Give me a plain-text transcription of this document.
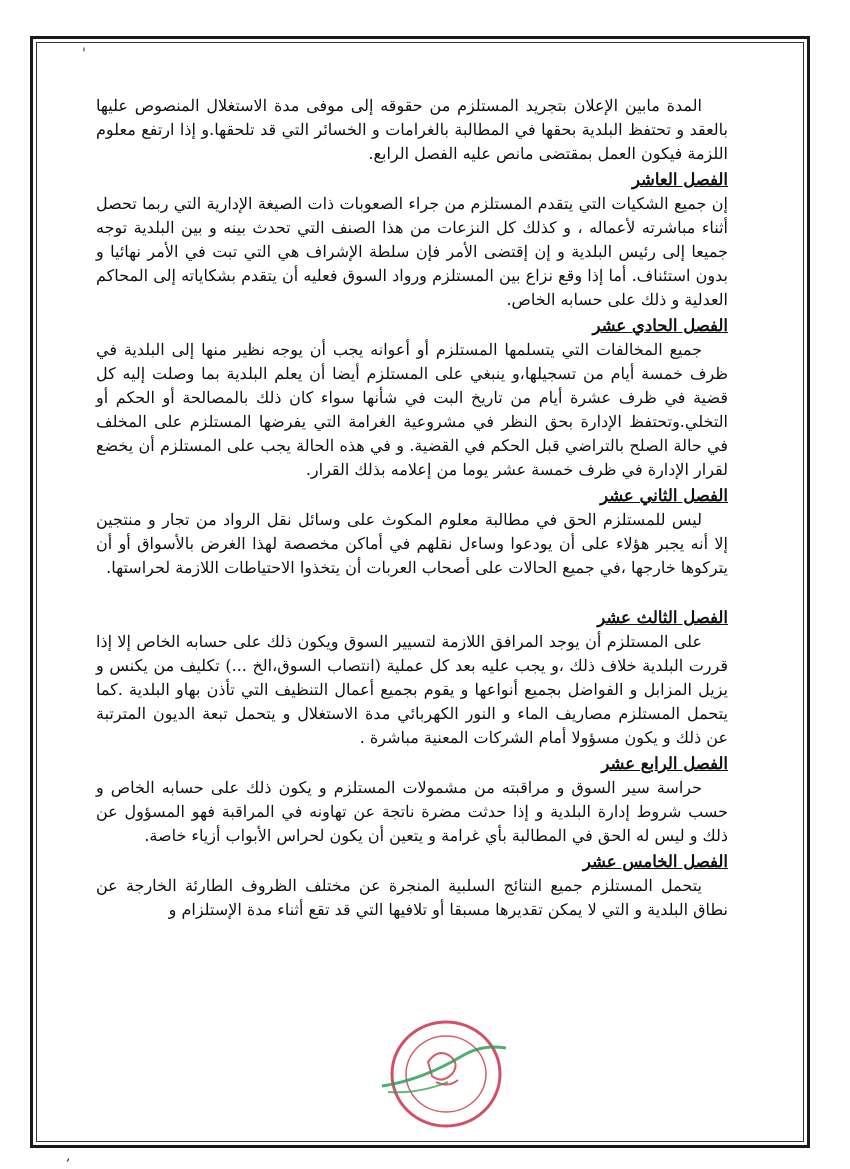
'
,

المدة مابين الإعلان بتجريد المستلزم من حقوقه إلى موفى مدة الاستغلال المنصوص عليها بالعقد و تحتفظ البلدية بحقها في المطالبة بالغرامات و الخسائر التي قد تلحقها.و إذا ارتفع معلوم اللزمة فيكون العمل بمقتضى مانص عليه الفصل الرابع.

الفصل العاشر

إن جميع الشكيات التي يتقدم المستلزم من جراء الصعوبات ذات الصيغة الإدارية التي ربما تحصل أثناء مباشرته لأعماله ، و كذلك كل النزعات من هذا الصنف التي تحدث بينه و بين البلدية توجه جميعا إلى رئيس البلدية و إن إقتضى الأمر فإن سلطة الإشراف هي التي تبت في الأمر نهائيا و بدون استئناف. أما إذا وقع نزاع بين المستلزم ورواد السوق فعليه أن يتقدم بشكاياته إلى المحاكم العدلية و ذلك على حسابه الخاص.

الفصل الحادي عشر

جميع المخالفات التي يتسلمها المستلزم أو أعوانه يجب أن يوجه نظير منها إلى البلدية في ظرف خمسة أيام من تسجيلها،و ينبغي على المستلزم أيضا أن يعلم البلدية بما وصلت إليه كل قضية في ظرف عشرة أيام من تاريخ البت في شأنها سواء كان ذلك بالمصالحة أو الحكم أو التخلي.وتحتفظ الإدارة بحق النظر في مشروعية الغرامة التي يفرضها المستلزم على المخلف في حالة الصلح بالتراضي قبل الحكم في القضية. و في هذه الحالة يجب على المستلزم أن يخضع لقرار الإدارة في ظرف خمسة عشر يوما من إعلامه بذلك القرار.

الفصل الثاني عشر

ليس للمستلزم الحق في مطالبة معلوم المكوث على وسائل نقل الرواد من تجار و منتجين إلا أنه يجبر هؤلاء على أن يودعوا وساءل نقلهم في أماكن مخصصة لهذا الغرض بالأسواق أو أن يتركوها خارجها ،في جميع الحالات على أصحاب العربات أن يتخذوا الاحتياطات اللازمة لحراستها.

الفصل الثالث عشر

على المستلزم أن يوجد المرافق اللازمة لتسيير السوق ويكون ذلك على حسابه الخاص إلا إذا قررت البلدية خلاف ذلك ،و يجب عليه بعد كل عملية (انتصاب السوق،الخ ...) تكليف من يكنس و يزيل المزابل و الفواضل بجميع أنواعها و يقوم بجميع أعمال التنظيف التي تأذن بهاو البلدية .كما يتحمل المستلزم مصاريف الماء و النور الكهربائي مدة الاستغلال و يتحمل تبعة الديون المترتبة عن ذلك و يكون مسؤولا أمام الشركات المعنية مباشرة .

الفصل الرابع عشر

حراسة سير السوق و مراقبته من مشمولات المستلزم و يكون ذلك على حسابه الخاص و حسب شروط إدارة البلدية و إذا حدثت مضرة ناتجة عن تهاونه في المراقبة فهو المسؤول عن ذلك و ليس له الحق في المطالبة بأي غرامة و يتعين أن يكون لحراس الأبواب أزياء خاصة.

الفصل الخامس عشر

يتحمل المستلزم جميع النتائج السلبية المنجرة عن مختلف الظروف الطارئة الخارجة عن نطاق البلدية و التي لا يمكن تقديرها مسبقا أو تلافيها التي قد تقع أثناء مدة الإستلزام و
